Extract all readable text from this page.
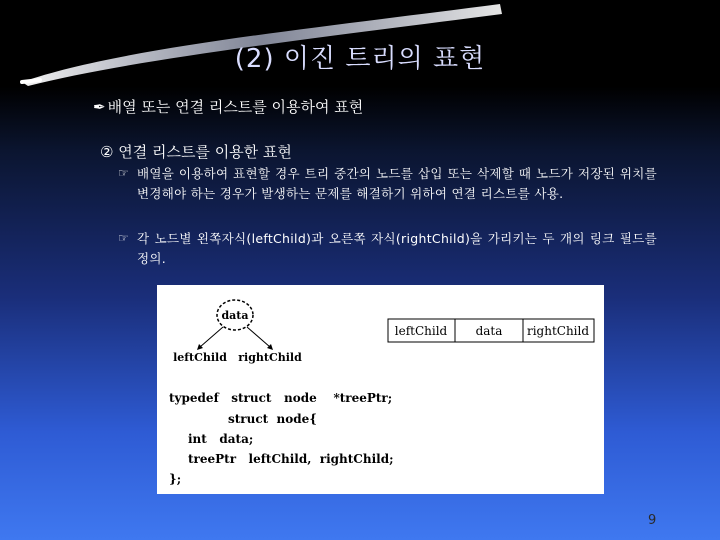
(2) 이진 트리의 표현
✒ 배열 또는 연결 리스트를 이용하여 표현
② 연결 리스트를 이용한 표현
☞ 배열을 이용하여 표현할 경우 트리 중간의 노드를 삽입 또는 삭제할 때 노드가 저장된 위치를 변경해야 하는 경우가 발생하는 문제를 해결하기 위하여 연결 리스트를 사용.
☞ 각 노드별 왼쪽자식(leftChild)과 오른쪽 자식(rightChild)을 가리키는 두 개의 링크 필드를 정의.
data
leftChild rightChild
leftChild data rightChild
typedef   struct   node    *treePtr;
struct  node{
int   data;
treePtr   leftChild,  rightChild;
};
9
